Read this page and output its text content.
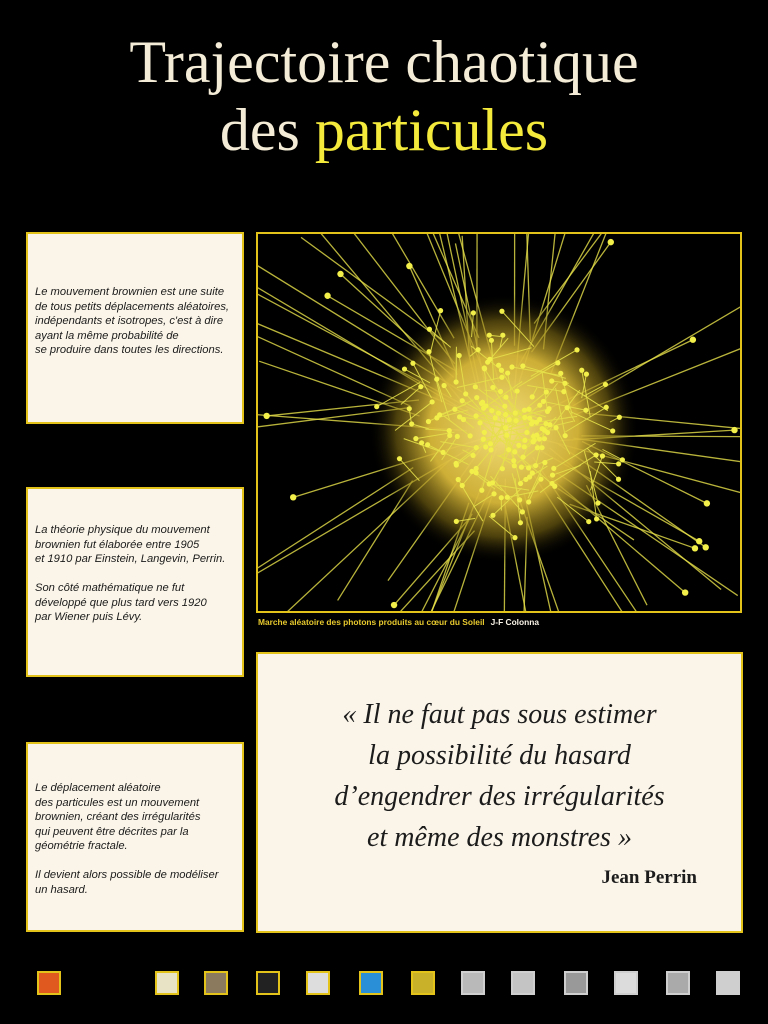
Trajectoire chaotique
des particules

Le mouvement brownien est une suite
de tous petits déplacements aléatoires,
indépendants et isotropes, c'est à dire
ayant la même probabilité de
se produire dans toutes les directions.

La théorie physique du mouvement
brownien fut élaborée entre 1905
et 1910 par Einstein, Langevin, Perrin.

Son côté mathématique ne fut
développé que plus tard vers 1920
par Wiener puis Lévy.

Le déplacement aléatoire
des particules est un mouvement
brownien, créant des irrégularités
qui peuvent être décrites par la
géométrie fractale.

Il devient alors possible de modéliser
un hasard.

Marche aléatoire des photons produits au cœur du Soleil J-F Colonna
« Il ne faut pas sous estimer
la possibilité du hasard
d’engendrer des irrégularités
et même des monstres »
Jean Perrin
